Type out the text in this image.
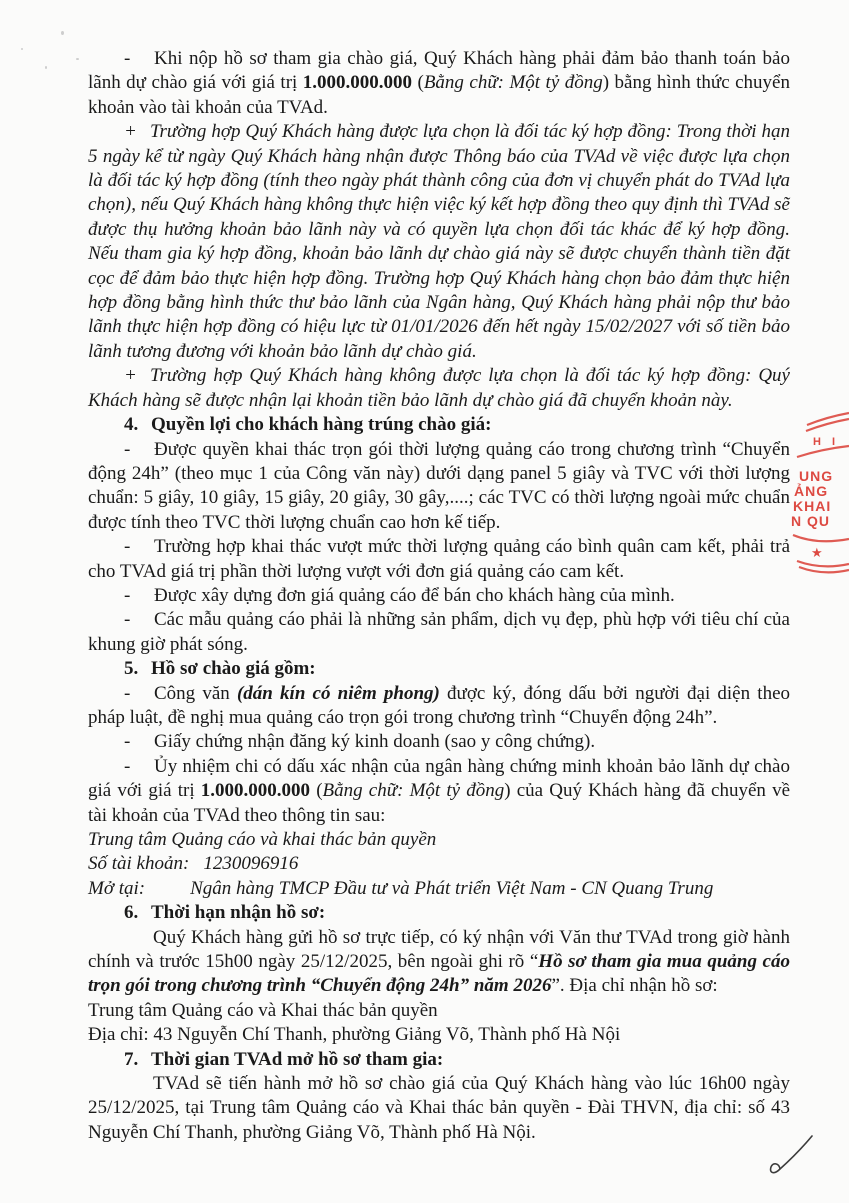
- Khi nộp hồ sơ tham gia chào giá, Quý Khách hàng phải đảm bảo thanh toán bảo lãnh dự chào giá với giá trị 1.000.000.000 (Bằng chữ: Một tỷ đồng) bằng hình thức chuyển khoản vào tài khoản của TVAd.

+ Trường hợp Quý Khách hàng được lựa chọn là đối tác ký hợp đồng: Trong thời hạn 5 ngày kể từ ngày Quý Khách hàng nhận được Thông báo của TVAd về việc được lựa chọn là đối tác ký hợp đồng (tính theo ngày phát thành công của đơn vị chuyển phát do TVAd lựa chọn), nếu Quý Khách hàng không thực hiện việc ký kết hợp đồng theo quy định thì TVAd sẽ được thụ hưởng khoản bảo lãnh này và có quyền lựa chọn đối tác khác để ký hợp đồng. Nếu tham gia ký hợp đồng, khoản bảo lãnh dự chào giá này sẽ được chuyển thành tiền đặt cọc để đảm bảo thực hiện hợp đồng. Trường hợp Quý Khách hàng chọn bảo đảm thực hiện hợp đồng bằng hình thức thư bảo lãnh của Ngân hàng, Quý Khách hàng phải nộp thư bảo lãnh thực hiện hợp đồng có hiệu lực từ 01/01/2026 đến hết ngày 15/02/2027 với số tiền bảo lãnh tương đương với khoản bảo lãnh dự chào giá.

+ Trường hợp Quý Khách hàng không được lựa chọn là đối tác ký hợp đồng: Quý Khách hàng sẽ được nhận lại khoản tiền bảo lãnh dự chào giá đã chuyển khoản này.

4. Quyền lợi cho khách hàng trúng chào giá:

- Được quyền khai thác trọn gói thời lượng quảng cáo trong chương trình “Chuyển động 24h” (theo mục 1 của Công văn này) dưới dạng panel 5 giây và TVC với thời lượng chuẩn: 5 giây, 10 giây, 15 giây, 20 giây, 30 gây,....; các TVC có thời lượng ngoài mức chuẩn được tính theo TVC thời lượng chuẩn cao hơn kế tiếp.

- Trường hợp khai thác vượt mức thời lượng quảng cáo bình quân cam kết, phải trả cho TVAd giá trị phần thời lượng vượt với đơn giá quảng cáo cam kết.

- Được xây dựng đơn giá quảng cáo để bán cho khách hàng của mình.

- Các mẫu quảng cáo phải là những sản phẩm, dịch vụ đẹp, phù hợp với tiêu chí của khung giờ phát sóng.

5. Hồ sơ chào giá gồm:

- Công văn (dán kín có niêm phong) được ký, đóng dấu bởi người đại diện theo pháp luật, đề nghị mua quảng cáo trọn gói trong chương trình “Chuyển động 24h”.

- Giấy chứng nhận đăng ký kinh doanh (sao y công chứng).

- Ủy nhiệm chi có dấu xác nhận của ngân hàng chứng minh khoản bảo lãnh dự chào giá với giá trị 1.000.000.000 (Bằng chữ: Một tỷ đồng) của Quý Khách hàng đã chuyển về tài khoản của TVAd theo thông tin sau:

Trung tâm Quảng cáo và khai thác bản quyền

Số tài khoản: 1230096916

Mở tại: Ngân hàng TMCP Đầu tư và Phát triển Việt Nam - CN Quang Trung

6. Thời hạn nhận hồ sơ:

Quý Khách hàng gửi hồ sơ trực tiếp, có ký nhận với Văn thư TVAd trong giờ hành chính và trước 15h00 ngày 25/12/2025, bên ngoài ghi rõ “Hồ sơ tham gia mua quảng cáo trọn gói trong chương trình “Chuyển động 24h” năm 2026”. Địa chỉ nhận hồ sơ:

Trung tâm Quảng cáo và Khai thác bản quyền

Địa chỉ: 43 Nguyễn Chí Thanh, phường Giảng Võ, Thành phố Hà Nội

7. Thời gian TVAd mở hồ sơ tham gia:

TVAd sẽ tiến hành mở hồ sơ chào giá của Quý Khách hàng vào lúc 16h00 ngày 25/12/2025, tại Trung tâm Quảng cáo và Khai thác bản quyền - Đài THVN, địa chỉ: số 43 Nguyễn Chí Thanh, phường Giảng Võ, Thành phố Hà Nội.

H I
UNG
ẢNG
KHAI
N QU
★
